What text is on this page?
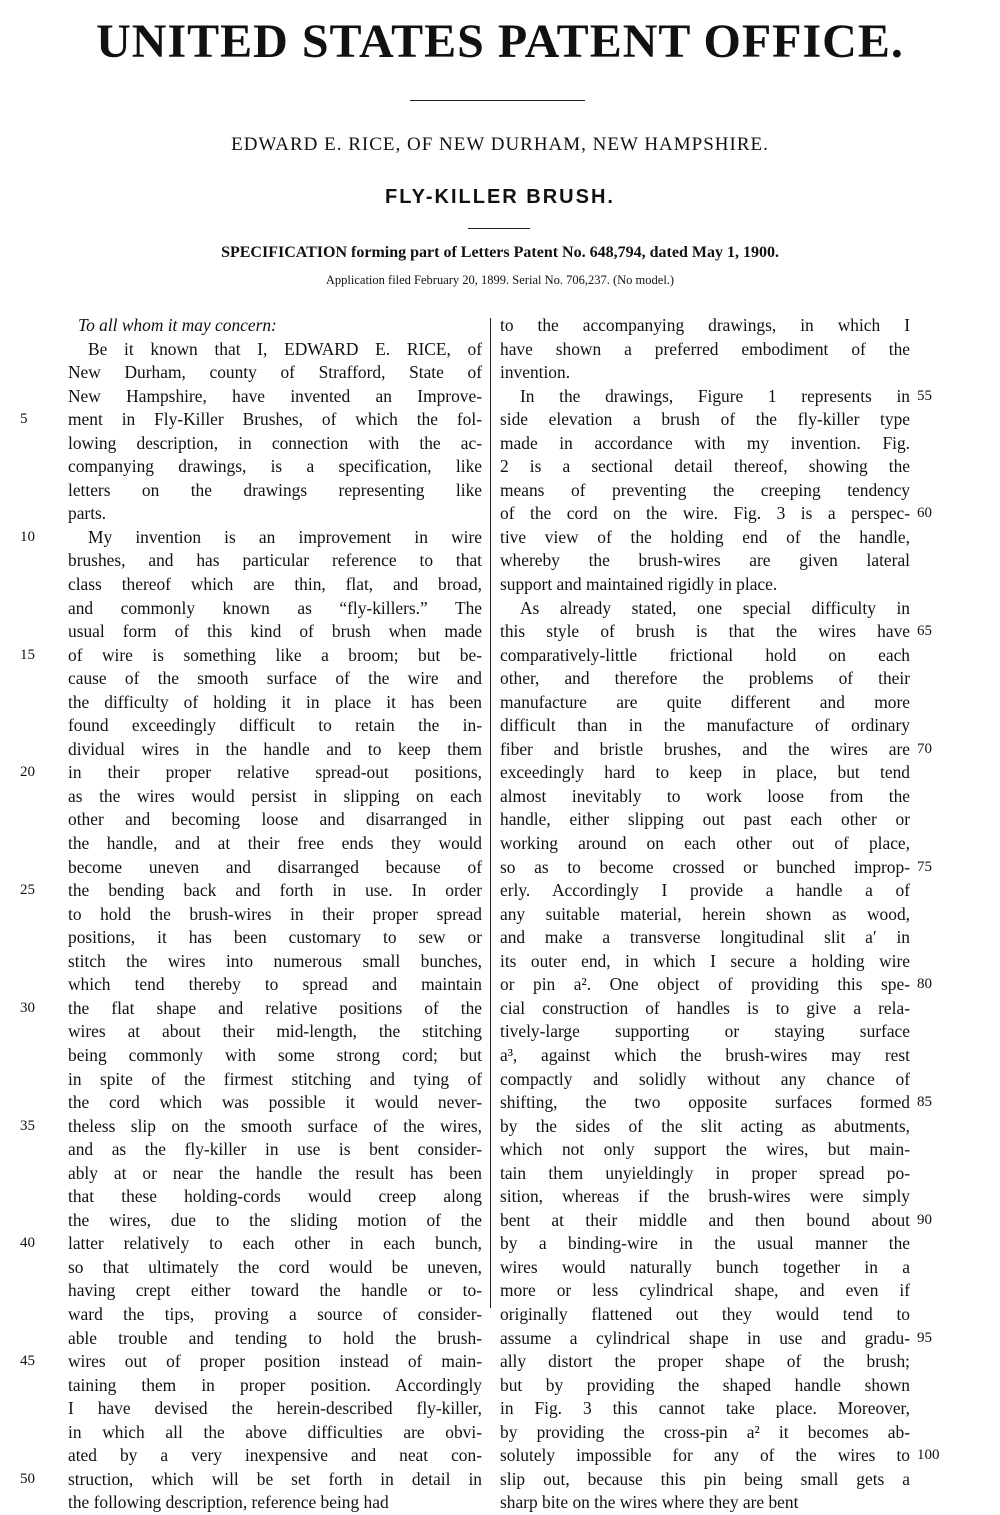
UNITED STATES PATENT OFFICE.
EDWARD E. RICE, OF NEW DURHAM, NEW HAMPSHIRE.
FLY-KILLER BRUSH.
SPECIFICATION forming part of Letters Patent No. 648,794, dated May 1, 1900.
Application filed February 20, 1899. Serial No. 706,237. (No model.)
To all whom it may concern:
Be it known that I, EDWARD E. RICE, of
New Durham, county of Strafford, State of
New Hampshire, have invented an Improve-
ment in Fly-Killer Brushes, of which the fol-
lowing description, in connection with the ac-
companying drawings, is a specification, like
letters on the drawings representing like
parts.
My invention is an improvement in wire
brushes, and has particular reference to that
class thereof which are thin, flat, and broad,
and commonly known as “fly-killers.” The
usual form of this kind of brush when made
of wire is something like a broom; but be-
cause of the smooth surface of the wire and
the difficulty of holding it in place it has been
found exceedingly difficult to retain the in-
dividual wires in the handle and to keep them
in their proper relative spread-out positions,
as the wires would persist in slipping on each
other and becoming loose and disarranged in
the handle, and at their free ends they would
become uneven and disarranged because of
the bending back and forth in use. In order
to hold the brush-wires in their proper spread
positions, it has been customary to sew or
stitch the wires into numerous small bunches,
which tend thereby to spread and maintain
the flat shape and relative positions of the
wires at about their mid-length, the stitching
being commonly with some strong cord; but
in spite of the firmest stitching and tying of
the cord which was possible it would never-
theless slip on the smooth surface of the wires,
and as the fly-killer in use is bent consider-
ably at or near the handle the result has been
that these holding-cords would creep along
the wires, due to the sliding motion of the
latter relatively to each other in each bunch,
so that ultimately the cord would be uneven,
having crept either toward the handle or to-
ward the tips, proving a source of consider-
able trouble and tending to hold the brush-
wires out of proper position instead of main-
taining them in proper position. Accordingly
I have devised the herein-described fly-killer,
in which all the above difficulties are obvi-
ated by a very inexpensive and neat con-
struction, which will be set forth in detail in
the following description, reference being had
to the accompanying drawings, in which I
have shown a preferred embodiment of the
invention.
In the drawings, Figure 1 represents in
side elevation a brush of the fly-killer type
made in accordance with my invention. Fig.
2 is a sectional detail thereof, showing the
means of preventing the creeping tendency
of the cord on the wire. Fig. 3 is a perspec-
tive view of the holding end of the handle,
whereby the brush-wires are given lateral
support and maintained rigidly in place.
As already stated, one special difficulty in
this style of brush is that the wires have
comparatively-little frictional hold on each
other, and therefore the problems of their
manufacture are quite different and more
difficult than in the manufacture of ordinary
fiber and bristle brushes, and the wires are
exceedingly hard to keep in place, but tend
almost inevitably to work loose from the
handle, either slipping out past each other or
working around on each other out of place,
so as to become crossed or bunched improp-
erly. Accordingly I provide a handle a of
any suitable material, herein shown as wood,
and make a transverse longitudinal slit a′ in
its outer end, in which I secure a holding wire
or pin a². One object of providing this spe-
cial construction of handles is to give a rela-
tively-large supporting or staying surface
a³, against which the brush-wires may rest
compactly and solidly without any chance of
shifting, the two opposite surfaces formed
by the sides of the slit acting as abutments,
which not only support the wires, but main-
tain them unyieldingly in proper spread po-
sition, whereas if the brush-wires were simply
bent at their middle and then bound about
by a binding-wire in the usual manner the
wires would naturally bunch together in a
more or less cylindrical shape, and even if
originally flattened out they would tend to
assume a cylindrical shape in use and gradu-
ally distort the proper shape of the brush;
but by providing the shaped handle shown
in Fig. 3 this cannot take place. Moreover,
by providing the cross-pin a² it becomes ab-
solutely impossible for any of the wires to
slip out, because this pin being small gets a
sharp bite on the wires where they are bent
5
10
15
20
25
30
35
40
45
50
55
60
65
70
75
80
85
90
95
100
